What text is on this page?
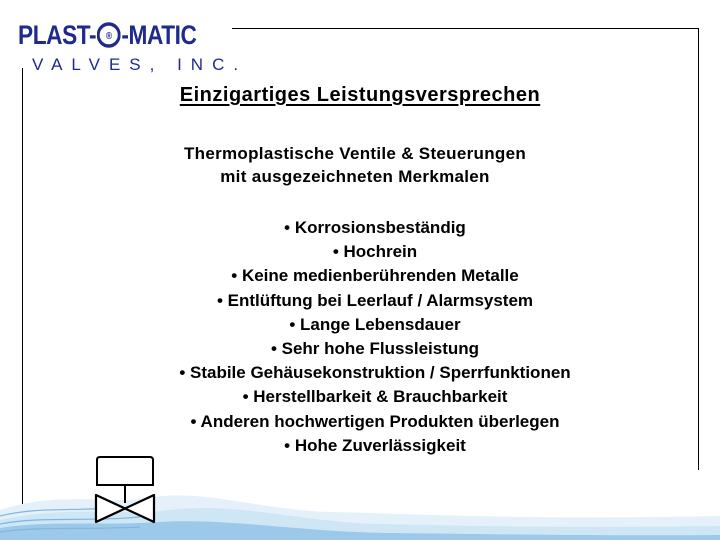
PLAST- ® -MATIC
VALVES, INC.
Einzigartiges Leistungsversprechen
Thermoplastische Ventile & Steuerungen
mit ausgezeichneten Merkmalen
• Korrosionsbeständig
• Hochrein
• Keine medienberührenden Metalle
• Entlüftung bei Leerlauf / Alarmsystem
• Lange Lebensdauer
• Sehr hohe Flussleistung
• Stabile Gehäusekonstruktion / Sperrfunktionen
• Herstellbarkeit & Brauchbarkeit
• Anderen hochwertigen Produkten überlegen
• Hohe Zuverlässigkeit
